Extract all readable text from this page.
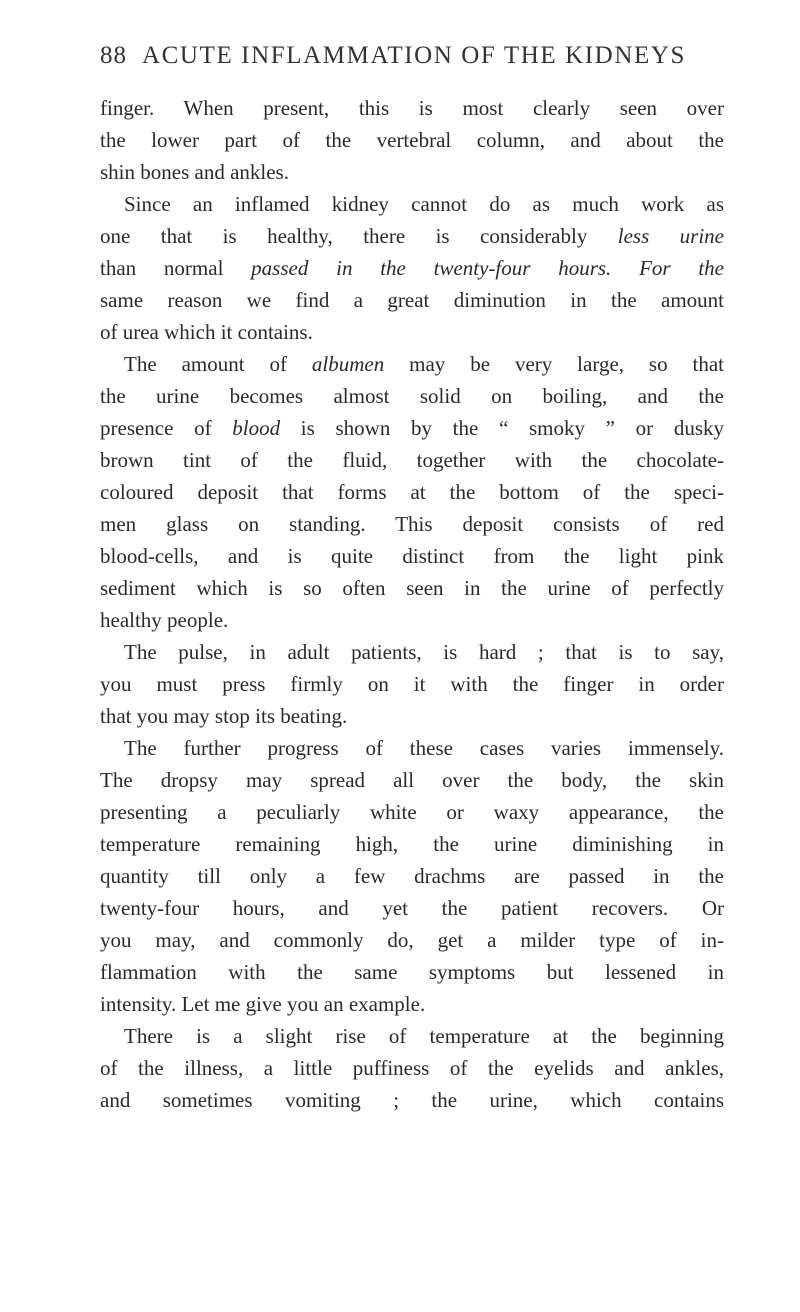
88 ACUTE INFLAMMATION OF THE KIDNEYS
finger. When present, this is most clearly seen over
the lower part of the vertebral column, and about the
shin bones and ankles.
Since an inflamed kidney cannot do as much work as
one that is healthy, there is considerably less urine
than normal passed in the twenty-four hours. For the
same reason we find a great diminution in the amount
of urea which it contains.
The amount of albumen may be very large, so that
the urine becomes almost solid on boiling, and the
presence of blood is shown by the “ smoky ” or dusky
brown tint of the fluid, together with the chocolate-
coloured deposit that forms at the bottom of the speci-
men glass on standing. This deposit consists of red
blood-cells, and is quite distinct from the light pink
sediment which is so often seen in the urine of perfectly
healthy people.
The pulse, in adult patients, is hard ; that is to say,
you must press firmly on it with the finger in order
that you may stop its beating.
The further progress of these cases varies immensely.
The dropsy may spread all over the body, the skin
presenting a peculiarly white or waxy appearance, the
temperature remaining high, the urine diminishing in
quantity till only a few drachms are passed in the
twenty-four hours, and yet the patient recovers. Or
you may, and commonly do, get a milder type of in-
flammation with the same symptoms but lessened in
intensity. Let me give you an example.
There is a slight rise of temperature at the beginning
of the illness, a little puffiness of the eyelids and ankles,
and sometimes vomiting ; the urine, which contains
